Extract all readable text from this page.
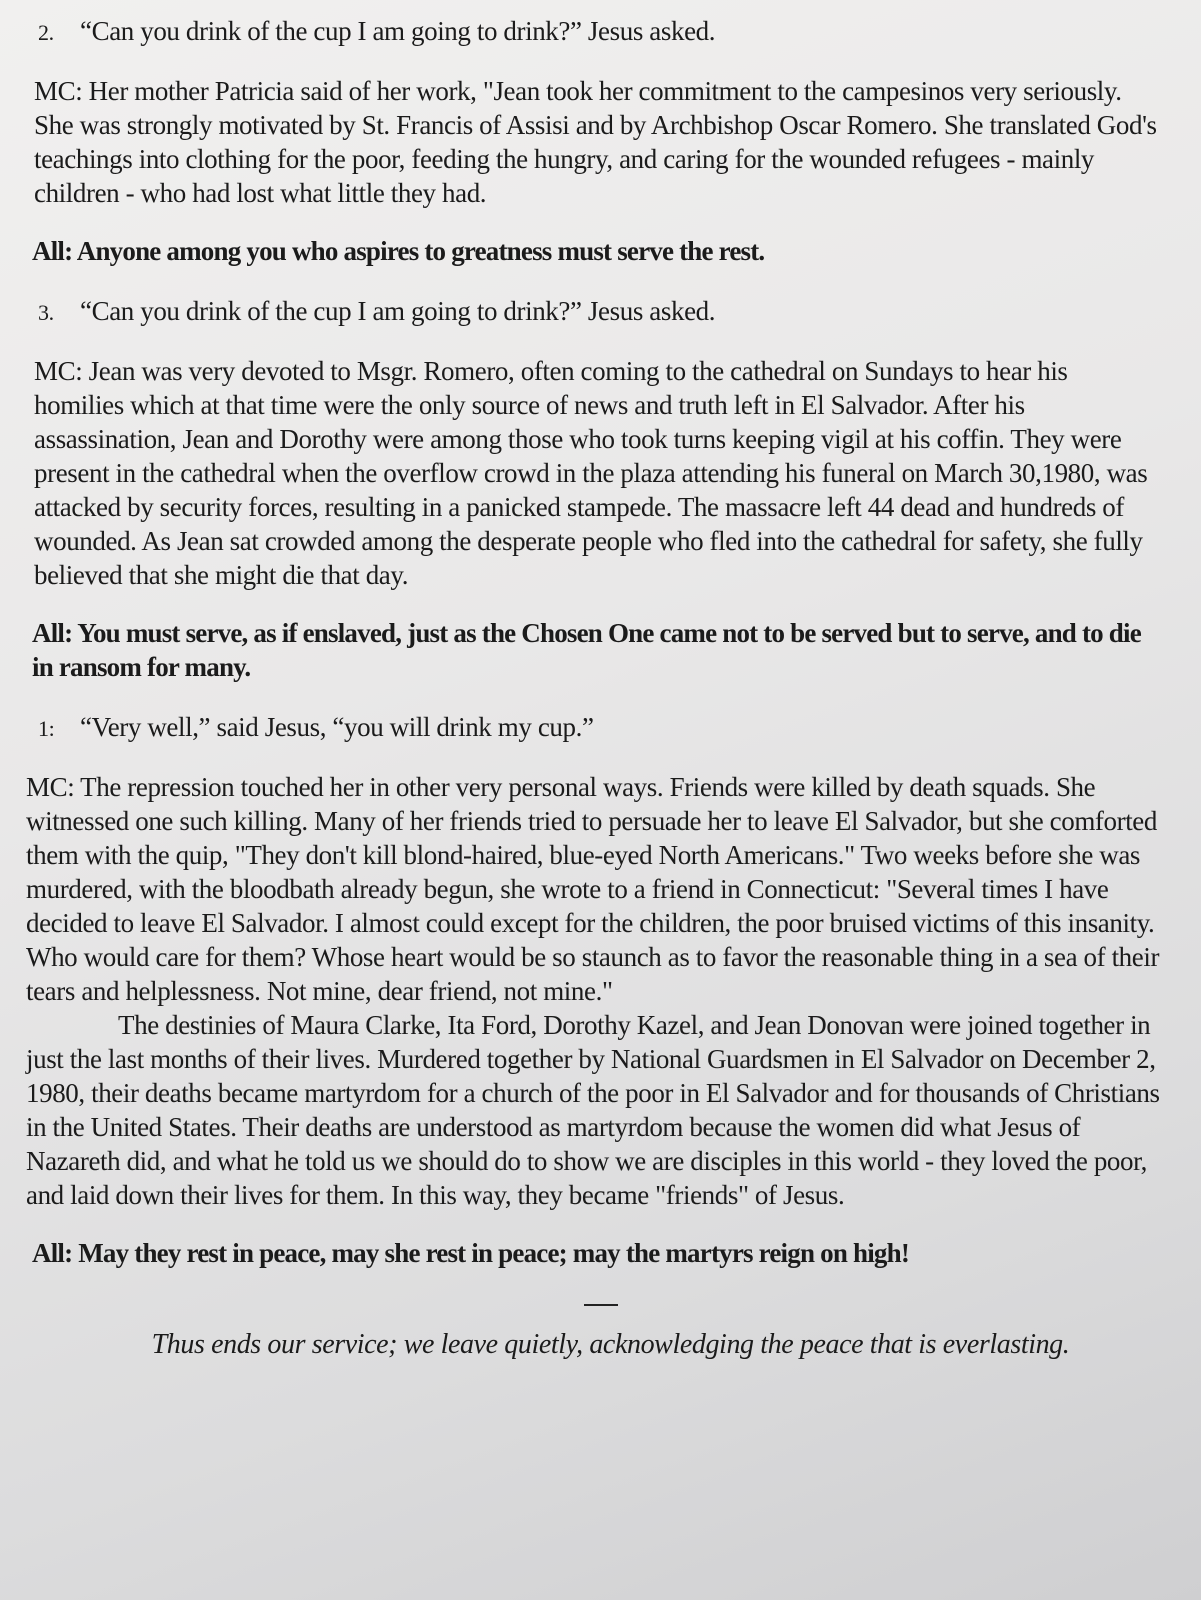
2. “Can you drink of the cup I am going to drink?” Jesus asked.

MC: Her mother Patricia said of her work, "Jean took her commitment to the campesinos very seriously. She was strongly motivated by St. Francis of Assisi and by Archbishop Oscar Romero. She translated God's teachings into clothing for the poor, feeding the hungry, and caring for the wounded refugees - mainly children - who had lost what little they had.

All: Anyone among you who aspires to greatness must serve the rest.

3. “Can you drink of the cup I am going to drink?” Jesus asked.

MC: Jean was very devoted to Msgr. Romero, often coming to the cathedral on Sundays to hear his homilies which at that time were the only source of news and truth left in El Salvador. After his assassination, Jean and Dorothy were among those who took turns keeping vigil at his coffin. They were present in the cathedral when the overflow crowd in the plaza attending his funeral on March 30,1980, was attacked by security forces, resulting in a panicked stampede. The massacre left 44 dead and hundreds of wounded. As Jean sat crowded among the desperate people who fled into the cathedral for safety, she fully believed that she might die that day.

All: You must serve, as if enslaved, just as the Chosen One came not to be served but to serve, and to die in ransom for many.

1: “Very well,” said Jesus, “you will drink my cup.”

MC: The repression touched her in other very personal ways. Friends were killed by death squads. She witnessed one such killing. Many of her friends tried to persuade her to leave El Salvador, but she comforted them with the quip, "They don't kill blond-haired, blue-eyed North Americans." Two weeks before she was murdered, with the bloodbath already begun, she wrote to a friend in Connecticut: "Several times I have decided to leave El Salvador. I almost could except for the children, the poor bruised victims of this insanity. Who would care for them? Whose heart would be so staunch as to favor the reasonable thing in a sea of their tears and helplessness. Not mine, dear friend, not mine."
The destinies of Maura Clarke, Ita Ford, Dorothy Kazel, and Jean Donovan were joined together in just the last months of their lives. Murdered together by National Guardsmen in El Salvador on December 2, 1980, their deaths became martyrdom for a church of the poor in El Salvador and for thousands of Christians in the United States. Their deaths are understood as martyrdom because the women did what Jesus of Nazareth did, and what he told us we should do to show we are disciples in this world - they loved the poor, and laid down their lives for them. In this way, they became "friends" of Jesus.

All: May they rest in peace, may she rest in peace; may the martyrs reign on high!

Thus ends our service; we leave quietly, acknowledging the peace that is everlasting.
